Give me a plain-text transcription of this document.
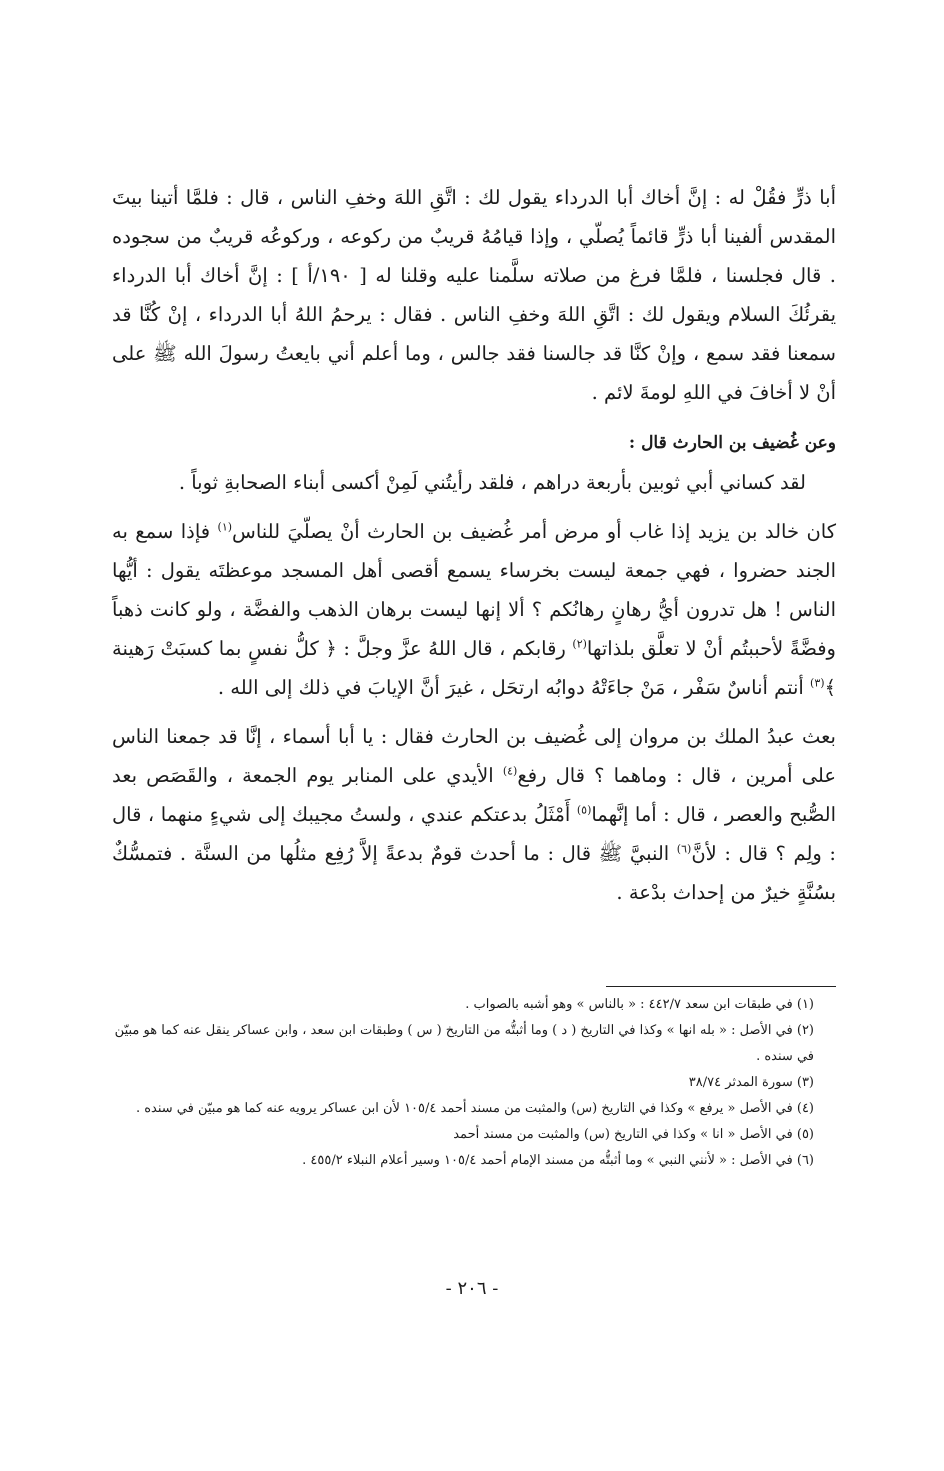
أبا ذرٍّ فقُلْ له : إنَّ أخاك أبا الدرداء يقول لك : اتَّقِ اللهَ وخفِ الناس ، قال : فلمَّا أتينا بيتَ المقدس ألفينا أبا ذرٍّ قائماً يُصلّي ، وإذا قيامُهُ قريبٌ من ركوعه ، وركوعُه قريبٌ من سجوده . قال فجلسنا ، فلمَّا فرغ من صلاته سلَّمنا عليه وقلنا له [ ١٩٠/أ ] : إنَّ أخاك أبا الدرداء يقرئُكَ السلام ويقول لك : اتَّقِ اللهَ وخفِ الناس . فقال : يرحمُ اللهُ أبا الدرداء ، إنْ كُنَّا قد سمعنا فقد سمع ، وإنْ كنَّا قد جالسنا فقد جالس ، وما أعلم أني بايعتُ رسولَ الله ﷺ على أنْ لا أخافَ في اللهِ لومةَ لائم .

وعن غُضيف بن الحارث قال :

لقد كساني أبي ثوبين بأربعة دراهم ، فلقد رأيتُني لَمِنْ أكسى أبناء الصحابةِ ثوباً .

كان خالد بن يزيد إذا غاب أو مرض أمر غُضيف بن الحارث أنْ يصلّيَ للناس$^{(١)}$ فإذا سمع به الجند حضروا ، فهي جمعة ليست بخرساء يسمع أقصى أهل المسجد موعظتَه يقول : أيُّها الناس ! هل تدرون أيُّ رهانٍ رهانُكم ؟ ألا إنها ليست برهان الذهب والفضَّة ، ولو كانت ذهباً وفضَّةً لأحببتُم أنْ لا تعلَّق بلذاتها$^{(٢)}$ رقابكم ، قال اللهُ عزَّ وجلَّ : ﴿ كلُّ نفسٍ بما كسبَتْ رَهينة ﴾$^{(٣)}$ أنتم أناسٌ سَفْر ، مَنْ جاءَتْهُ دوابُه ارتحَل ، غيرَ أنَّ الإيابَ في ذلك إلى الله .

بعث عبدُ الملك بن مروان إلى غُضيف بن الحارث فقال : يا أبا أسماء ، إنَّا قد جمعنا الناس على أمرين ، قال : وماهما ؟ قال رفع$^{(٤)}$ الأيدي على المنابر يوم الجمعة ، والقَصَص بعد الصُّبح والعصر ، قال : أما إنَّهما$^{(٥)}$ أَمْثَلُ بدعتكم عندي ، ولستُ مجيبك إلى شيءٍ منهما ، قال : ولِم ؟ قال : لأنَّ$^{(٦)}$ النبيَّ ﷺ قال : ما أحدث قومٌ بدعةً إلاَّ رُفِع مثلُها من السنَّة . فتمسُّكٌ بسُنَّةٍ خيرٌ من إحداث بدْعة .

(١) في طبقات ابن سعد ٤٤٢/٧ : « بالناس » وهو أشبه بالصواب .

(٢) في الأصل : « بله انها » وكذا في التاريخ ( د ) وما أثبتُّه من التاريخ ( س ) وطبقات ابن سعد ، وابن عساكر ينقل عنه كما هو مبيّن في سنده .

(٣) سورة المدثر ٣٨/٧٤

(٤) في الأصل « يرفع » وكذا في التاريخ (س) والمثبت من مسند أحمد ١٠٥/٤ لأن ابن عساكر يرويه عنه كما هو مبيّن في سنده .

(٥) في الأصل « انا » وكذا في التاريخ (س) والمثبت من مسند أحمد

(٦) في الأصل : « لأنني النبي » وما أثبتُّه من مسند الإمام أحمد ١٠٥/٤ وسير أعلام النبلاء ٤٥٥/٢ .

- ٢٠٦ -
